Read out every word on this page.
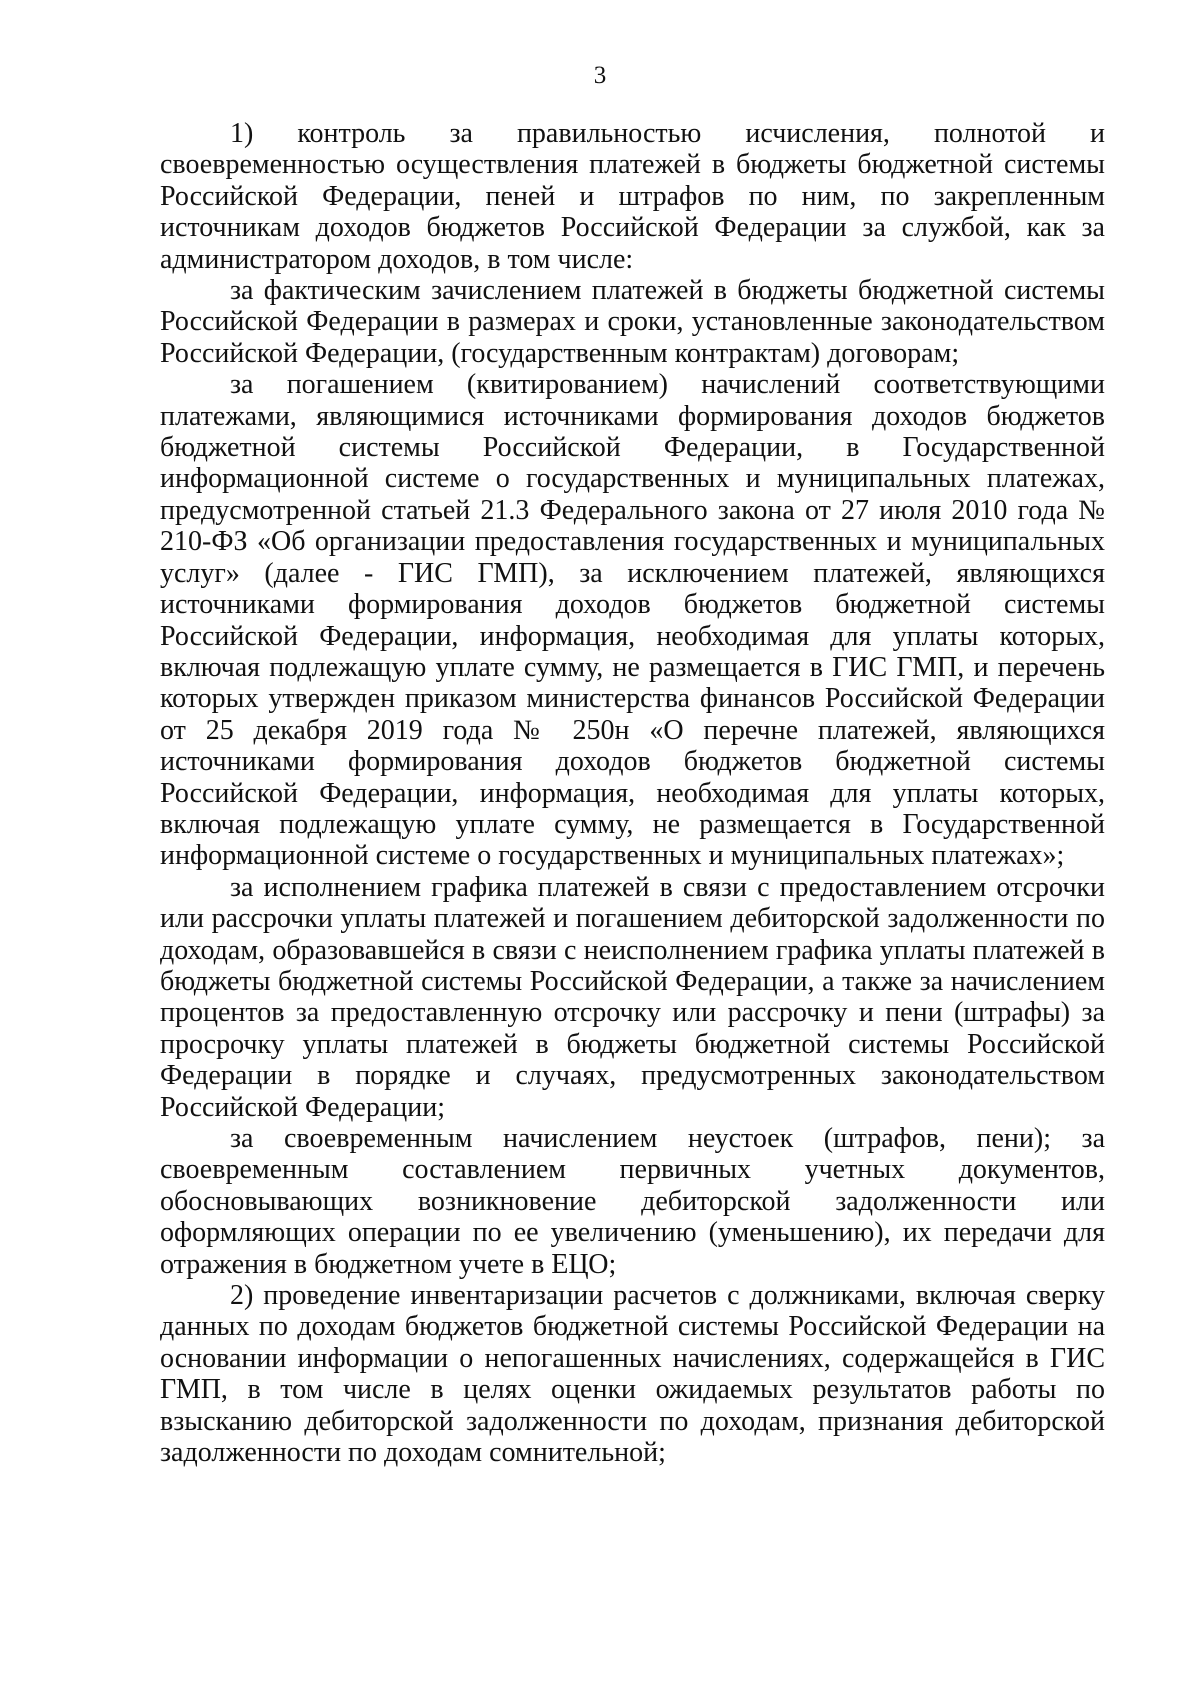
3

1) контроль за правильностью исчисления, полнотой и своевременностью осуществления платежей в бюджеты бюджетной системы Российской Федерации, пеней и штрафов по ним, по закрепленным источникам доходов бюджетов Российской Федерации за службой, как за администратором доходов, в том числе:

за фактическим зачислением платежей в бюджеты бюджетной системы Российской Федерации в размерах и сроки, установленные законодательством Российской Федерации, (государственным контрактам) договорам;

за погашением (квитированием) начислений соответствующими платежами, являющимися источниками формирования доходов бюджетов бюджетной системы Российской Федерации, в Государственной информационной системе о государственных и муниципальных платежах, предусмотренной статьей 21.3 Федерального закона от 27 июля 2010 года № 210-ФЗ «Об организации предоставления государственных и муниципальных услуг» (далее - ГИС ГМП), за исключением платежей, являющихся источниками формирования доходов бюджетов бюджетной системы Российской Федерации, информация, необходимая для уплаты которых, включая подлежащую уплате сумму, не размещается в ГИС ГМП, и перечень которых утвержден приказом министерства финансов Российской Федерации от 25 декабря 2019 года № 250н «О перечне платежей, являющихся источниками формирования доходов бюджетов бюджетной системы Российской Федерации, информация, необходимая для уплаты которых, включая подлежащую уплате сумму, не размещается в Государственной информационной системе о государственных и муниципальных платежах»;

за исполнением графика платежей в связи с предоставлением отсрочки или рассрочки уплаты платежей и погашением дебиторской задолженности по доходам, образовавшейся в связи с неисполнением графика уплаты платежей в бюджеты бюджетной системы Российской Федерации, а также за начислением процентов за предоставленную отсрочку или рассрочку и пени (штрафы) за просрочку уплаты платежей в бюджеты бюджетной системы Российской Федерации в порядке и случаях, предусмотренных законодательством Российской Федерации;

за своевременным начислением неустоек (штрафов, пени); за своевременным составлением первичных учетных документов, обосновывающих возникновение дебиторской задолженности или оформляющих операции по ее увеличению (уменьшению), их передачи для отражения в бюджетном учете в ЕЦО;

2) проведение инвентаризации расчетов с должниками, включая сверку данных по доходам бюджетов бюджетной системы Российской Федерации на основании информации о непогашенных начислениях, содержащейся в ГИС ГМП, в том числе в целях оценки ожидаемых результатов работы по взысканию дебиторской задолженности по доходам, признания дебиторской задолженности по доходам сомнительной;
